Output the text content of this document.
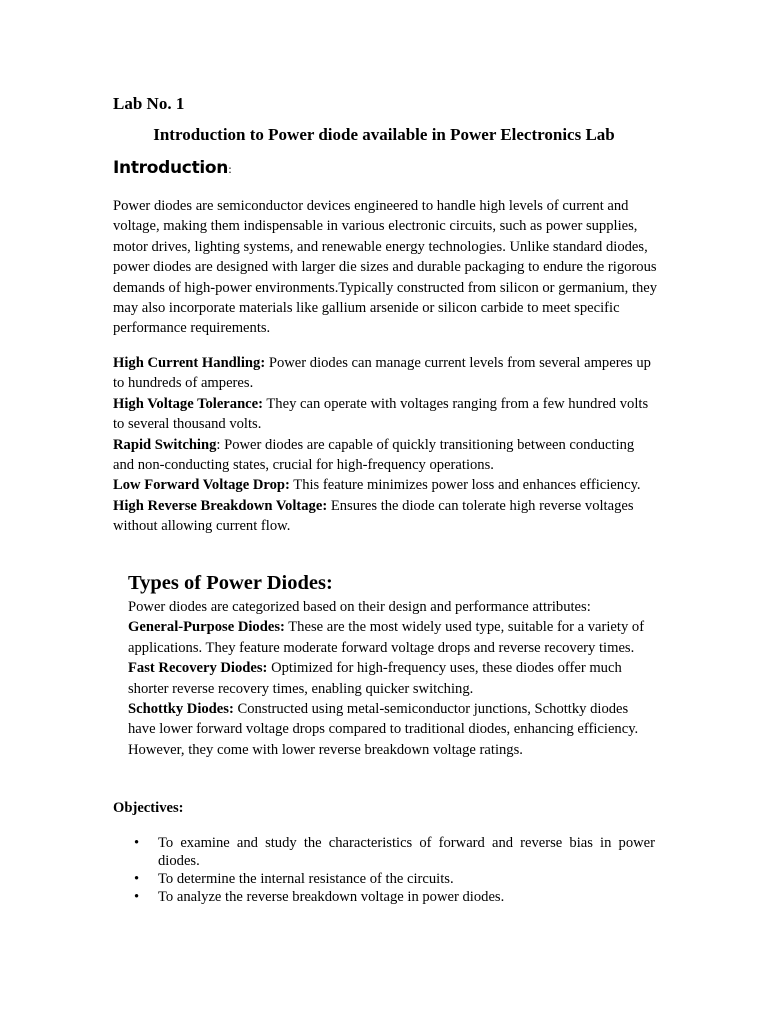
Lab No. 1
Introduction to Power diode available in Power Electronics Lab
Introduction:

Power diodes are semiconductor devices engineered to handle high levels of current and voltage, making them indispensable in various electronic circuits, such as power supplies, motor drives, lighting systems, and renewable energy technologies. Unlike standard diodes, power diodes are designed with larger die sizes and durable packaging to endure the rigorous demands of high-power environments.Typically constructed from silicon or germanium, they may also incorporate materials like gallium arsenide or silicon carbide to meet specific performance requirements.

High Current Handling: Power diodes can manage current levels from several amperes up to hundreds of amperes.
High Voltage Tolerance: They can operate with voltages ranging from a few hundred volts to several thousand volts.
Rapid Switching: Power diodes are capable of quickly transitioning between conducting and non-conducting states, crucial for high-frequency operations.
Low Forward Voltage Drop: This feature minimizes power loss and enhances efficiency.    High Reverse Breakdown Voltage: Ensures the diode can tolerate high reverse voltages without allowing current flow.

Types of Power Diodes:

Power diodes are categorized based on their design and performance attributes:

General-Purpose Diodes: These are the most widely used type, suitable for a variety of applications. They feature moderate forward voltage drops and reverse recovery times.

Fast Recovery Diodes: Optimized for high-frequency uses, these diodes offer much shorter reverse recovery times, enabling quicker switching.

Schottky Diodes: Constructed using metal-semiconductor junctions, Schottky diodes have lower forward voltage drops compared to traditional diodes, enhancing efficiency. However, they come with lower reverse breakdown voltage ratings.

Objectives:

• To examine and study the characteristics of forward and reverse bias in power diodes.
• To determine the internal resistance of the circuits.
• To analyze the reverse breakdown voltage in power diodes.
